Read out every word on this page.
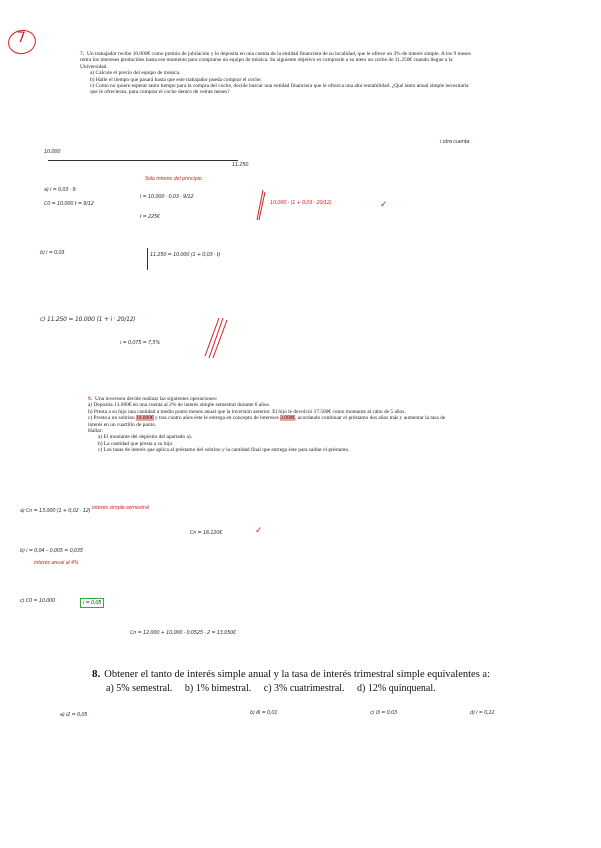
7
7. Un trabajador recibe 10.000€ como premio de jubilación y lo deposita en una cuenta de la entidad financiera de su localidad, que le ofrece un 3% de interés simple. A los 9 meses retira los intereses producidos hasta ese momento para comprarse un equipo de música. Su siguiente objetivo es comprarle a su nieto un coche de 11.250€ cuando llegue a la Universidad.
a) Calcule el precio del equipo de música.
b) Halle el tiempo que pasará hasta que este trabajador pueda comprar el coche.
c) Como no quiere esperar tanto tiempo para la compra del coche, decide buscar una entidad financiera que le ofrezca una alta rentabilidad. ¿Qué tanto anual simple necesitaría que le ofrecieran, para comprar el coche dentro de veinte meses?
i otra cuenta
10.000
11.250
Sólo interés del principio
a) i = 0,03 · 9
C0 = 10.000 t = 9/12
I = 10.000 · 0,03 · 9/12
I = 225€
10.000 · (1 + 0,03 · 20/12)	✓
b) i = 0,03	11.250 = 10.000 (1 + 0,03 · t)
c) 11.250 = 10.000 (1 + i · 20/12)
i = 0,075 = 7,5%
9. Una inversora decide realizar las siguientes operaciones:
a) Deposita 13.000€ en una cuenta al 2% de interés simple semestral durante 6 años.
b) Presta a su hijo una cantidad a medio punto menos anual que la inversión anterior. El hijo le devolvió 17.500€ como montante al cabo de 5 años.
c) Presta a un sobrino 10.000€ y tras cuatro años éste le entrega en concepto de intereses 2.000€, acordando continuar el préstamo dos años más y aumentar la tasa de interés en un cuartillo de punto.
Hallar:
a) El montante del depósito del apartado a).
b) La cantidad que presta a su hijo.
c) Los tasas de interés que aplica al préstamo del sobrino y la cantidad final que entrega éste para saldar el préstamo.
a) Cn = 13.000 (1 + 0,02 · 12) interés simple semestral
Cn = 16.120€	✓
b) i = 0,04 – 0,005 = 0,035
interés anual al 4%
c) C0 = 10.000	i = 0,05
Cn = 12.000 + 10.000 · 0,0525 · 2 = 13.050€
8. Obtener el tanto de interés simple anual y la tasa de interés trimestral simple equivalentes a:
a) 5% semestral. b) 1% bimestral. c) 3% cuatrimestral. d) 12% quinquenal.
a) i2 = 0,05	b) i6 = 0,01	c) i3 = 0,03	d) i = 0,12
